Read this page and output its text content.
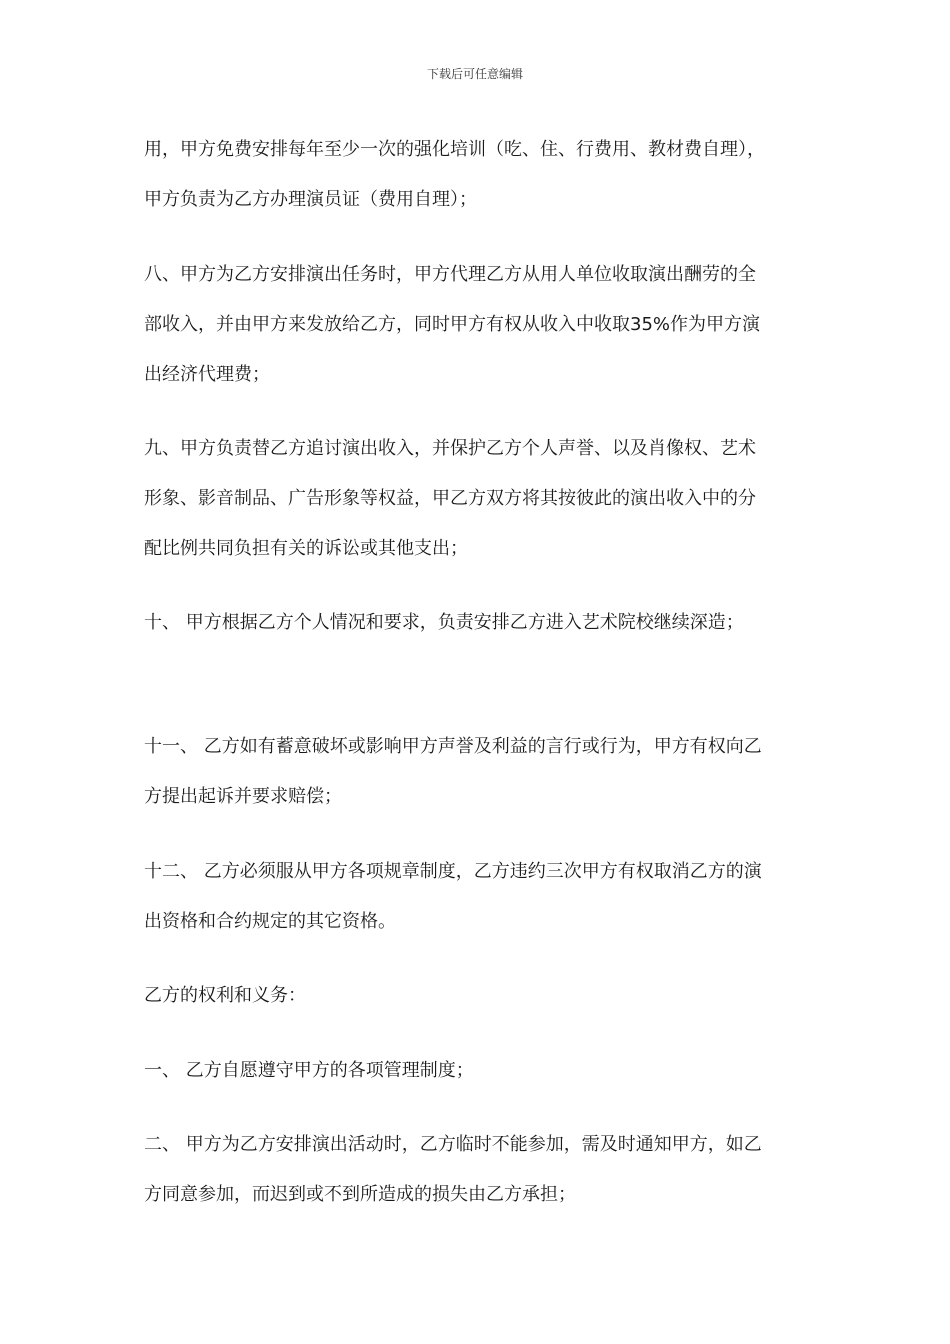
下载后可任意编辑
用，甲方免费安排每年至少一次的强化培训（吃、住、行费用、教材费自理），
甲方负责为乙方办理演员证（费用自理）；
八、甲方为乙方安排演出任务时，甲方代理乙方从用人单位收取演出酬劳的全
部收入，并由甲方来发放给乙方，同时甲方有权从收入中收取35%作为甲方演
出经济代理费；
九、甲方负责替乙方追讨演出收入，并保护乙方个人声誉、以及肖像权、艺术
形象、影音制品、广告形象等权益，甲乙方双方将其按彼此的演出收入中的分
配比例共同负担有关的诉讼或其他支出；
十、 甲方根据乙方个人情况和要求，负责安排乙方进入艺术院校继续深造；
十一、 乙方如有蓄意破坏或影响甲方声誉及利益的言行或行为，甲方有权向乙
方提出起诉并要求赔偿；
十二、 乙方必须服从甲方各项规章制度，乙方违约三次甲方有权取消乙方的演
出资格和合约规定的其它资格。
乙方的权利和义务：
一、 乙方自愿遵守甲方的各项管理制度；
二、 甲方为乙方安排演出活动时，乙方临时不能参加，需及时通知甲方，如乙
方同意参加，而迟到或不到所造成的损失由乙方承担；
